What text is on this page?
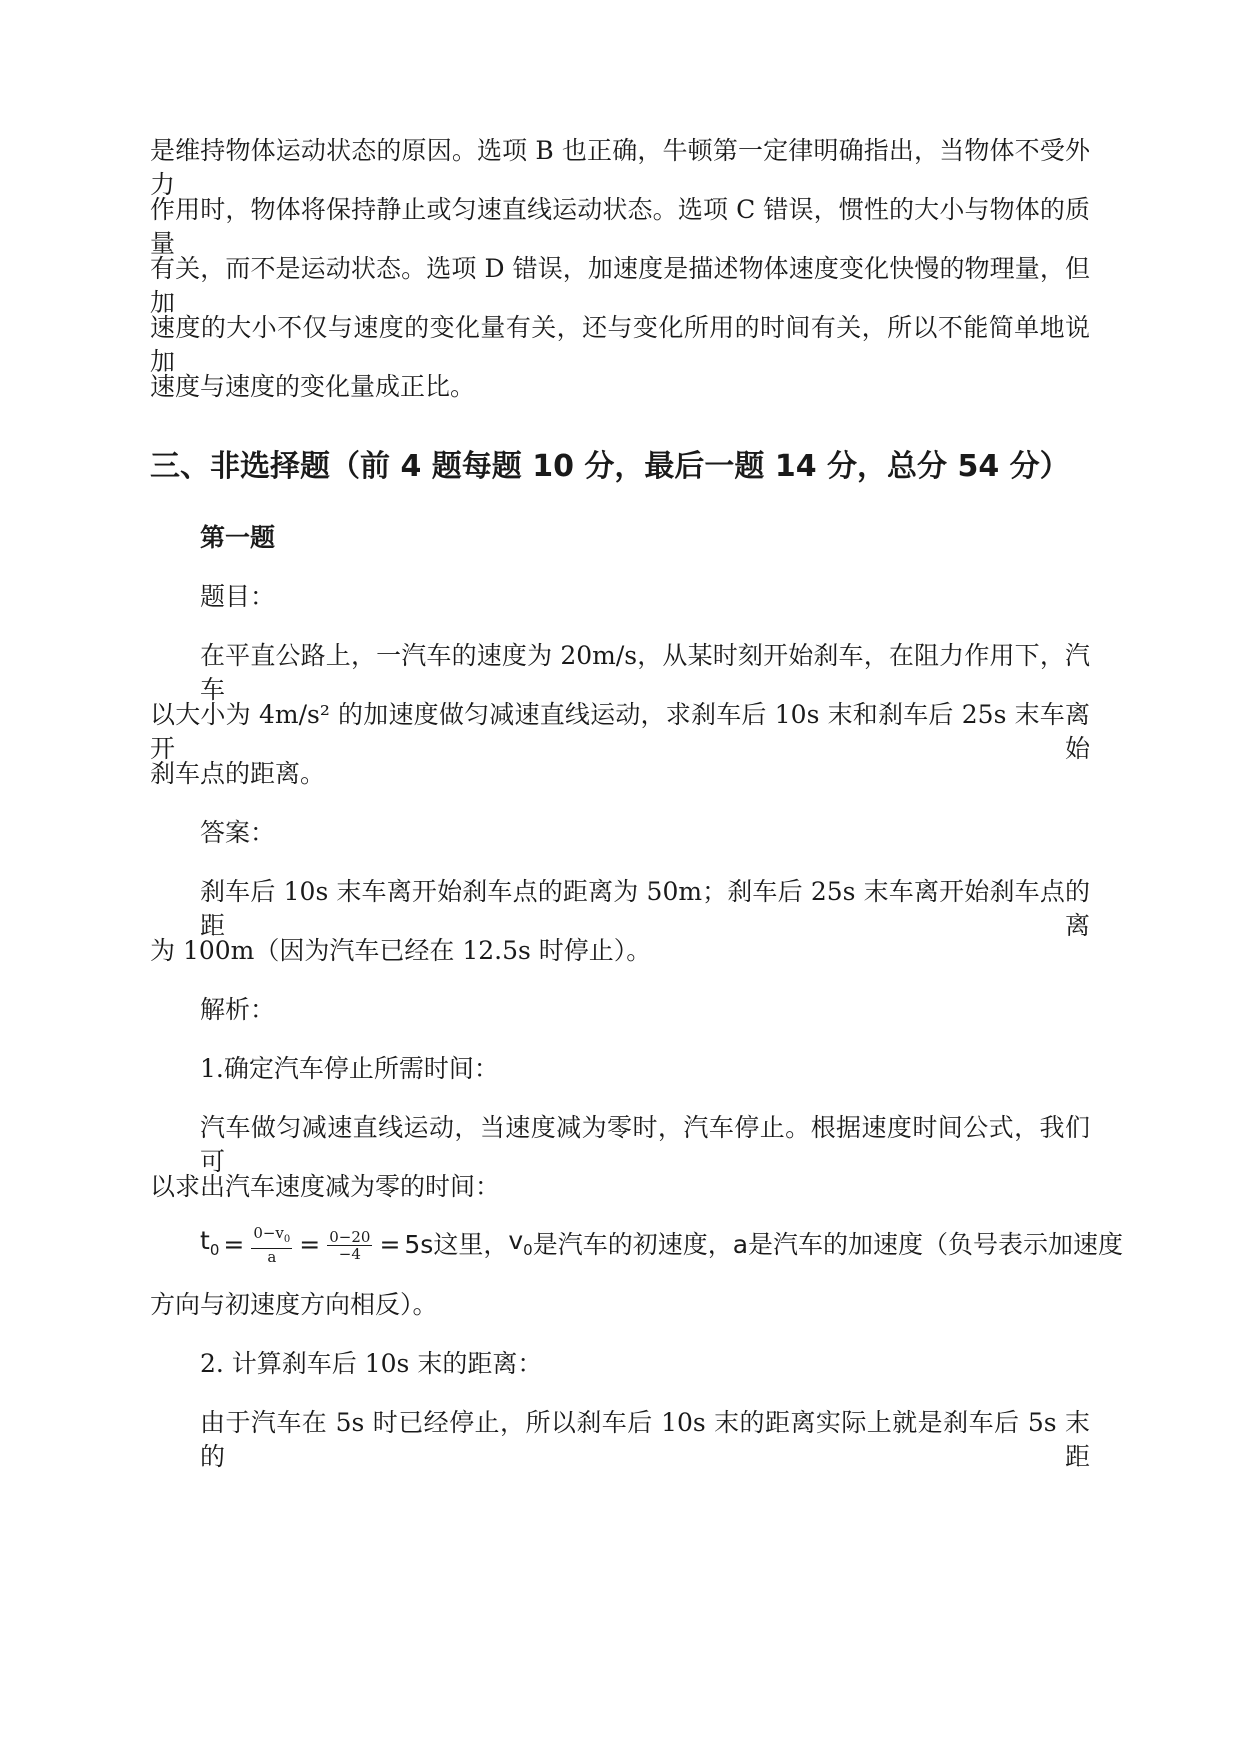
是维持物体运动状态的原因。选项 B 也正确，牛顿第一定律明确指出，当物体不受外力
作用时，物体将保持静止或匀速直线运动状态。选项 C 错误，惯性的大小与物体的质量
有关，而不是运动状态。选项 D 错误，加速度是描述物体速度变化快慢的物理量，但加
速度的大小不仅与速度的变化量有关，还与变化所用的时间有关，所以不能简单地说加
速度与速度的变化量成正比。
三、非选择题（前 4 题每题 10 分，最后一题 14 分，总分 54 分）
第一题
题目：
在平直公路上，一汽车的速度为 20m/s，从某时刻开始刹车，在阻力作用下，汽车
以大小为 4m/s² 的加速度做匀减速直线运动，求刹车后 10s 末和刹车后 25s 末车离开始
刹车点的距离。
答案：
刹车后 10s 末车离开始刹车点的距离为 50m；刹车后 25s 末车离开始刹车点的距离
为 100m（因为汽车已经在 12.5s 时停止）。
解析：
1.确定汽车停止所需时间：
汽车做匀减速直线运动，当速度减为零时，汽车停止。根据速度时间公式，我们可
以求出汽车速度减为零的时间：
$t_0 = \frac{0-v_0}{a} = \frac{0-20}{-4} = 5s$ 这里， $v_0$ 是汽车的初速度， a 是汽车的加速度（负号表示加速度
方向与初速度方向相反）。
2. 计算刹车后 10s 末的距离：
由于汽车在 5s 时已经停止，所以刹车后 10s 末的距离实际上就是刹车后 5s 末的距
